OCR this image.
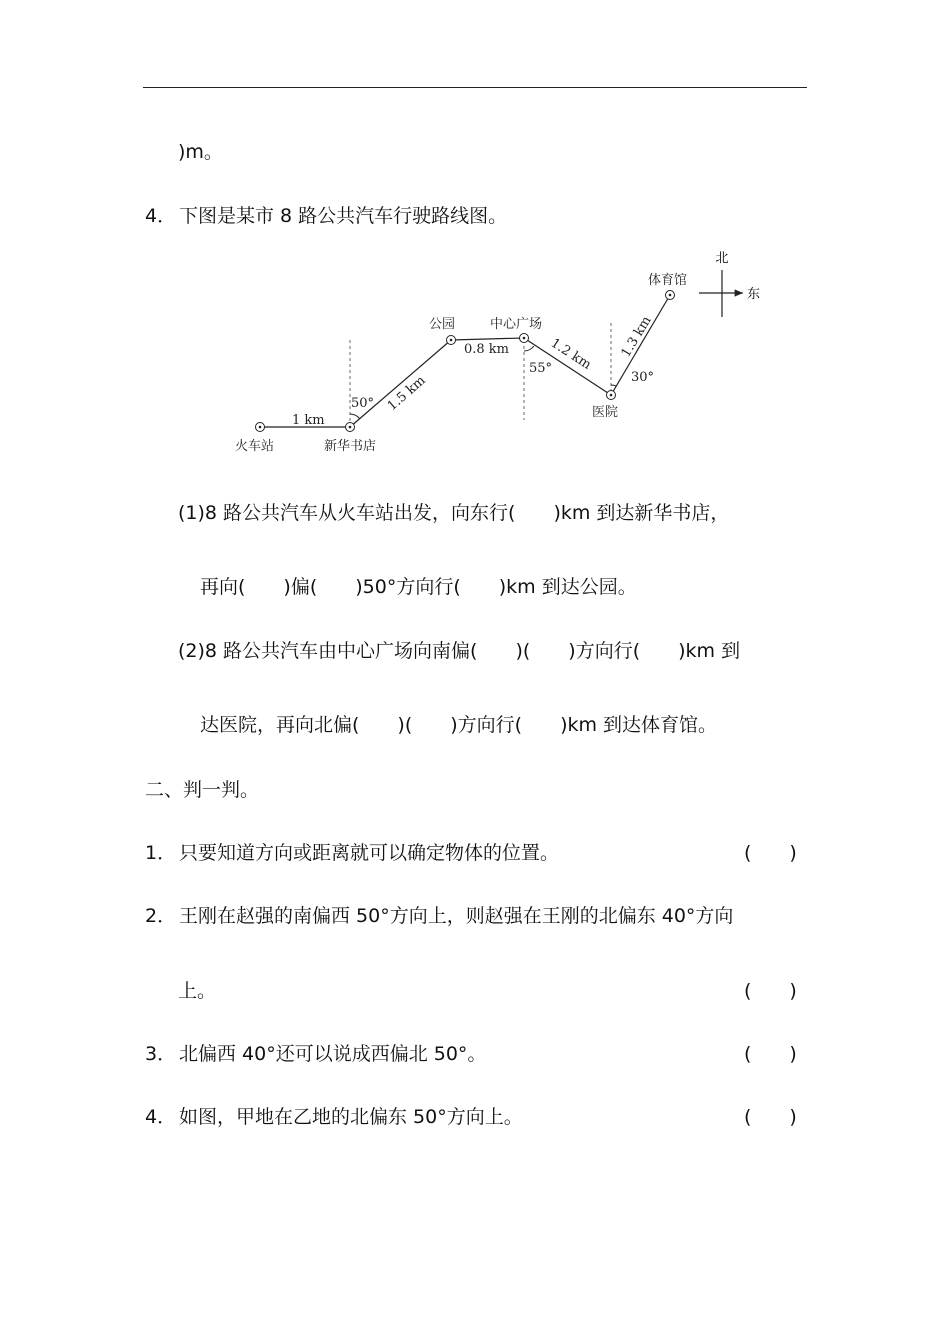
)m。
4． 下图是某市 8 路公共汽车行驶路线图。
北
东
火车站	新华书店
公园	中心广场
医院
体育馆
1 km
1.5 km
0.8 km	1.2 km 1.3 km
50°
55°
30°
(1)8 路公共汽车从火车站出发，向东行(　　)km 到达新华书店，
再向(　　)偏(　　)50°方向行(　　)km 到达公园。
(2)8 路公共汽车由中心广场向南偏(　　)(　　)方向行(　　)km 到
达医院，再向北偏(　　)(　　)方向行(　　)km 到达体育馆。
二、判一判。
1． 只要知道方向或距离就可以确定物体的位置。	(　　)
2． 王刚在赵强的南偏西 50°方向上，则赵强在王刚的北偏东 40°方向
上。	(　　)
3． 北偏西 40°还可以说成西偏北 50°。	(　　)
4． 如图，甲地在乙地的北偏东 50°方向上。	(　　)
